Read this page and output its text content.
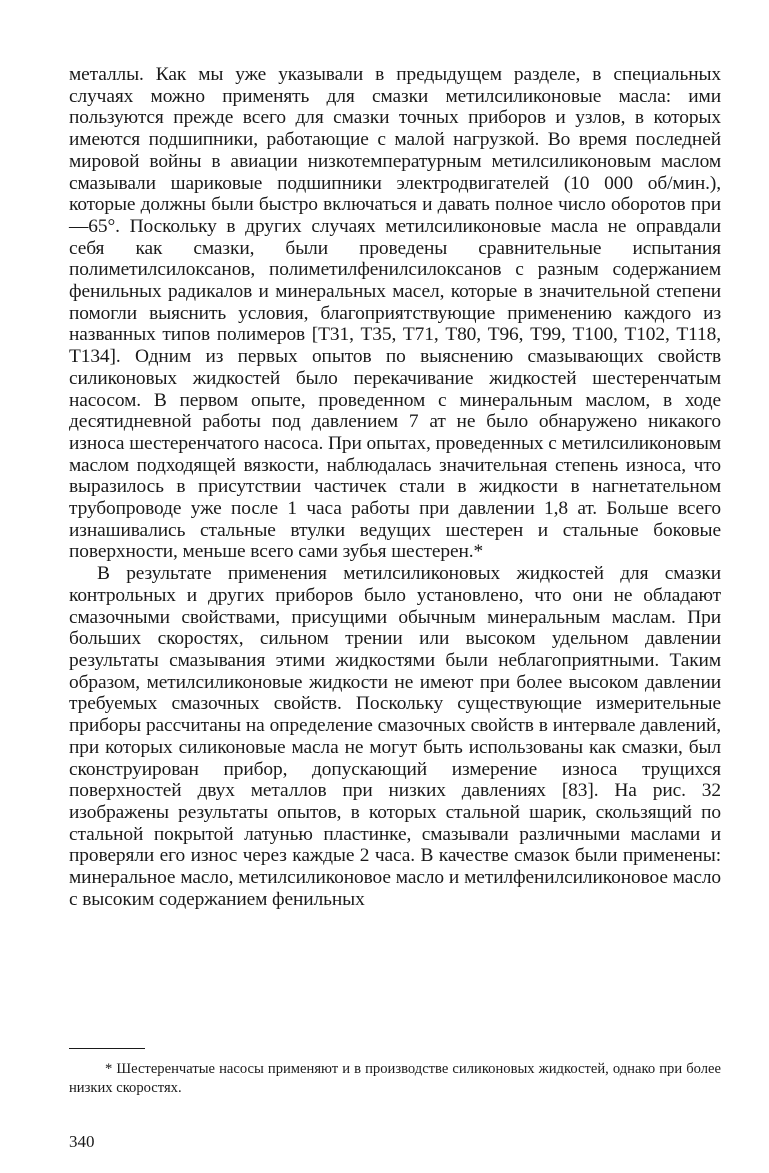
металлы. Как мы уже указывали в предыдущем разделе, в специальных случаях можно применять для смазки метилсиликоновые масла: ими пользуются прежде всего для смазки точных приборов и узлов, в которых имеются подшипники, работающие с малой нагрузкой. Во время последней мировой войны в авиации низкотемпературным метилсиликоновым маслом смазывали шариковые подшипники электродвигателей (10 000 об/мин.), которые должны были быстро включаться и давать полное число оборотов при —65°. Поскольку в других случаях метилсиликоновые масла не оправдали себя как смазки, были проведены сравнительные испытания полиметилсилоксанов, полиметилфенилсилоксанов с разным содержанием фенильных радикалов и минеральных масел, которые в значительной степени помогли выяснить условия, благоприятствующие применению каждого из названных типов полимеров [Т31, Т35, Т71, Т80, Т96, Т99, Т100, Т102, Т118, Т134]. Одним из первых опытов по выяснению смазывающих свойств силиконовых жидкостей было перекачивание жидкостей шестеренчатым насосом. В первом опыте, проведенном с минеральным маслом, в ходе десятидневной работы под давлением 7 ат не было обнаружено никакого износа шестеренчатого насоса. При опытах, проведенных с метилсиликоновым маслом подходящей вязкости, наблюдалась значительная степень износа, что выразилось в присутствии частичек стали в жидкости в нагнетательном трубопроводе уже после 1 часа работы при давлении 1,8 ат. Больше всего изнашивались стальные втулки ведущих шестерен и стальные боковые поверхности, меньше всего сами зубья шестерен.*

В результате применения метилсиликоновых жидкостей для смазки контрольных и других приборов было установлено, что они не обладают смазочными свойствами, присущими обычным минеральным маслам. При больших скоростях, сильном трении или высоком удельном давлении результаты смазывания этими жидкостями были неблагоприятными. Таким образом, метилсиликоновые жидкости не имеют при более высоком давлении требуемых смазочных свойств. Поскольку существующие измерительные приборы рассчитаны на определение смазочных свойств в интервале давлений, при которых силиконовые масла не могут быть использованы как смазки, был сконструирован прибор, допускающий измерение износа трущихся поверхностей двух металлов при низких давлениях [83]. На рис. 32 изображены результаты опытов, в которых стальной шарик, скользящий по стальной покрытой латунью пластинке, смазывали различными маслами и проверяли его износ через каждые 2 часа. В качестве смазок были применены: минеральное масло, метилсиликоновое масло и метилфенилсиликоновое масло с высоким содержанием фенильных

* Шестеренчатые насосы применяют и в производстве силиконовых жидкостей, однако при более низких скоростях.

340
